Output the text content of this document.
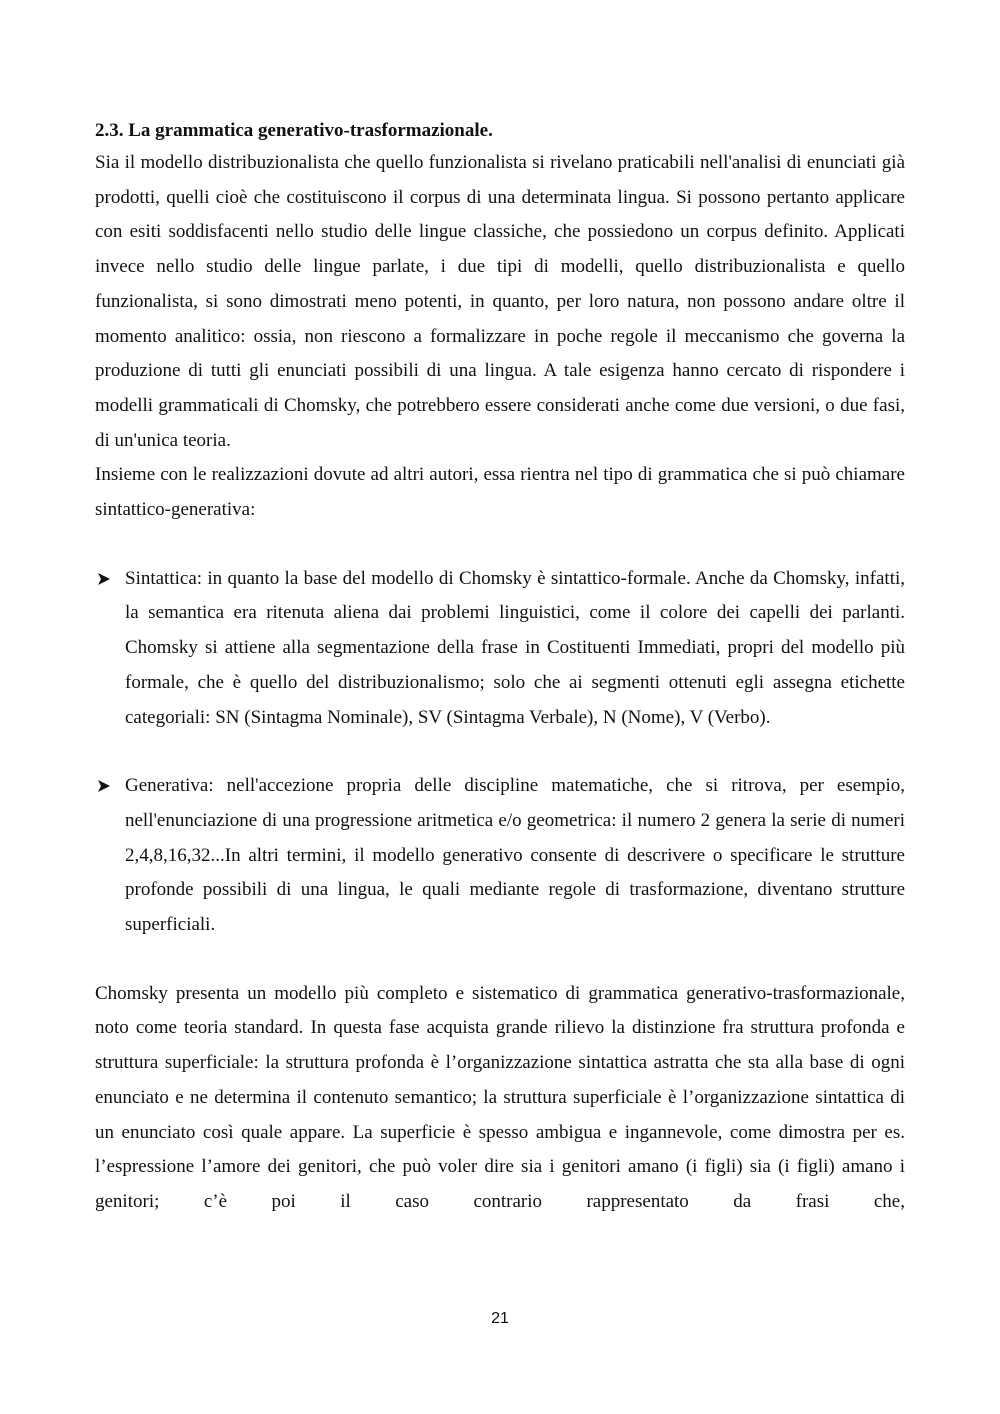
2.3. La grammatica generativo-trasformazionale.

Sia il modello distribuzionalista che quello funzionalista si rivelano praticabili nell'analisi di enunciati già prodotti, quelli cioè che costituiscono il corpus di una determinata lingua. Si possono pertanto applicare con esiti soddisfacenti nello studio delle lingue classiche, che possiedono un corpus definito. Applicati invece nello studio delle lingue parlate, i due tipi di modelli, quello distribuzionalista e quello funzionalista, si sono dimostrati meno potenti, in quanto, per loro natura, non possono andare oltre il momento analitico: ossia, non riescono a formalizzare in poche regole il meccanismo che governa la produzione di tutti gli enunciati possibili di una lingua. A tale esigenza hanno cercato di rispondere i modelli grammaticali di Chomsky, che potrebbero essere considerati anche come due versioni, o due fasi, di un'unica teoria.

Insieme con le realizzazioni dovute ad altri autori, essa rientra nel tipo di grammatica che si può chiamare sintattico-generativa:

Sintattica: in quanto la base del modello di Chomsky è sintattico-formale. Anche da Chomsky, infatti, la semantica era ritenuta aliena dai problemi linguistici, come il colore dei capelli dei parlanti. Chomsky si attiene alla segmentazione della frase in Costituenti Immediati, propri del modello più formale, che è quello del distribuzionalismo; solo che ai segmenti ottenuti egli assegna etichette categoriali: SN (Sintagma Nominale), SV (Sintagma Verbale), N (Nome), V (Verbo).
Generativa: nell'accezione propria delle discipline matematiche, che si ritrova, per esempio, nell'enunciazione di una progressione aritmetica e/o geometrica: il numero 2 genera la serie di numeri 2,4,8,16,32...In altri termini, il modello generativo consente di descrivere o specificare le strutture profonde possibili di una lingua, le quali mediante regole di trasformazione, diventano strutture superficiali.

Chomsky presenta un modello più completo e sistematico di grammatica generativo-trasformazionale, noto come teoria standard. In questa fase acquista grande rilievo la distinzione fra struttura profonda e struttura superficiale: la struttura profonda è l’organizzazione sintattica astratta che sta alla base di ogni enunciato e ne determina il contenuto semantico; la struttura superficiale è l’organizzazione sintattica di un enunciato così quale appare. La superficie è spesso ambigua e ingannevole, come dimostra per es. l’espressione l’amore dei genitori, che può voler dire sia i genitori amano (i figli) sia (i figli) amano i genitori; c’è poi il caso contrario rappresentato da frasi che,

21
